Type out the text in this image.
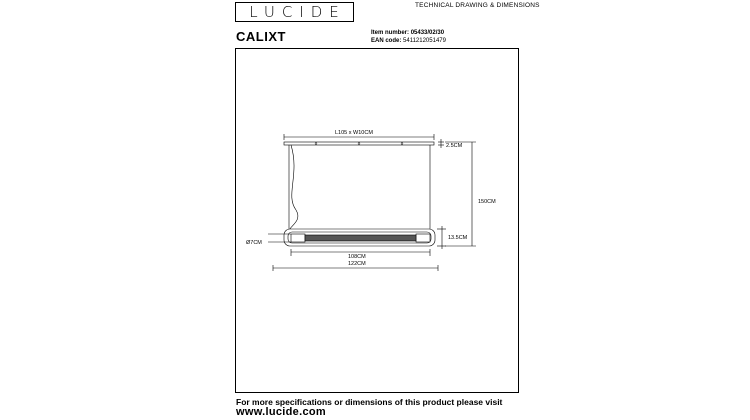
LUCIDE	TECHNICAL DRAWING & DIMENSIONS
CALIXT	Item number: 05433/02/30
EAN code: 5411212051479
L105 x W10CM
2.5CM
150CM
13.5CM
Ø7CM
108CM
122CM
For more specifications or dimensions of this product please visit
www.lucide.com
